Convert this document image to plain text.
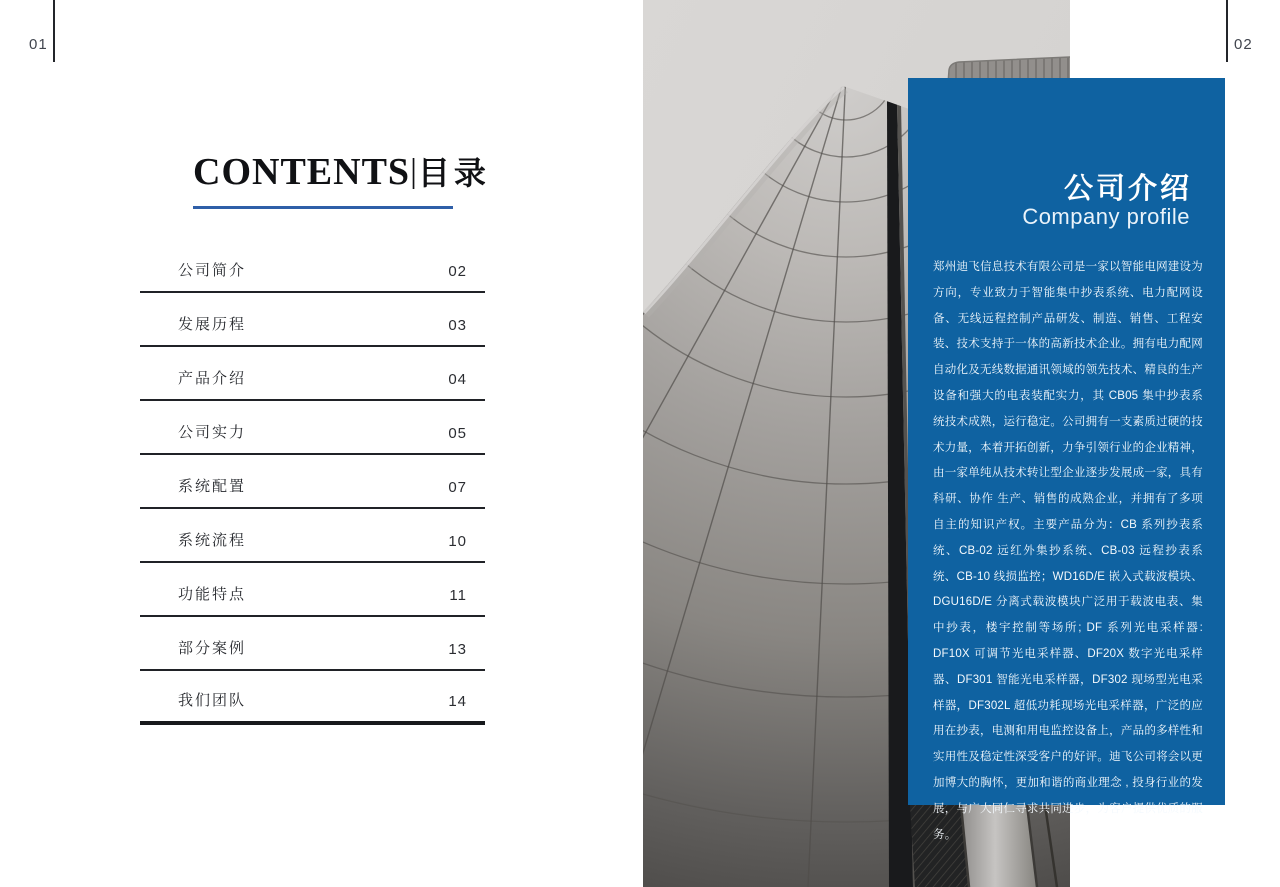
01	02
CONTENTS|目录
公司简介	02
发展历程	03
产品介绍	04
公司实力	05
系统配置	07
系统流程	10
功能特点	11
部分案例	13
我们团队	14
公司介绍
Company profile
郑州迪飞信息技术有限公司是一家以智能电网建设为方向，专业致力于智能集中抄表系统、电力配网设备、无线远程控制产品研发、制造、销售、工程安装、技术支持于一体的高新技术企业。拥有电力配网自动化及无线数据通讯领域的领先技术、精良的生产设备和强大的电表装配实力，其 CB05 集中抄表系统技术成熟，运行稳定。公司拥有一支素质过硬的技术力量，本着开拓创新，力争引领行业的企业精神，由一家单纯从技术转让型企业逐步发展成一家，具有科研、协作 生产、销售的成熟企业，并拥有了多项自主的知识产权。主要产品分为：CB 系列抄表系统、CB-02 远红外集抄系统、CB-03 远程抄表系统、CB-10 线损监控；WD16D/E 嵌入式载波模块、DGU16D/E 分离式载波模块广泛用于载波电表、集中抄表，楼宇控制等场所; DF 系列光电采样器: DF10X 可调节光电采样器、DF20X 数字光电采样器、DF301 智能光电采样器，DF302 现场型光电采样器，DF302L 超低功耗现场光电采样器，广泛的应用在抄表，电测和用电监控设备上，产品的多样性和实用性及稳定性深受客户的好评。迪飞公司将会以更加博大的胸怀，更加和谐的商业理念 , 投身行业的发展，与广大同仁寻求共同进步，为客户提供优质的服务。
